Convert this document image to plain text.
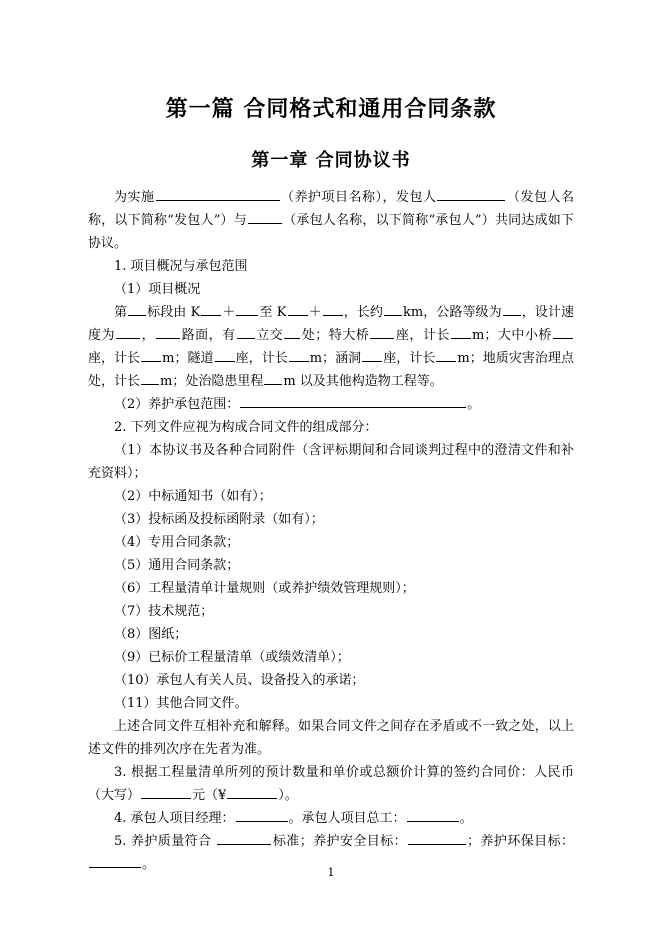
第一篇 合同格式和通用合同条款
第一章 合同协议书

为实施	（养护项目名称），发包人	（发包人名称，以下简称“发包人”）与	（承包人名称，以下简称“承包人”）共同达成如下协议。

1. 项目概况与承包范围

（1）项目概况

第 标段由 K ＋ 至 K ＋ ，长约 km，公路等级为 ，设计速度为 ， 路面，有 立交 处；特大桥 座，计长 m；大中小桥座，计长 m；隧道 座，计长 m；涵洞 座，计长 m；地质灾害治理点处，计长 m；处治隐患里程 m 以及其他构造物工程等。

（2）养护承包范围：	。

2. 下列文件应视为构成合同文件的组成部分：

（1）本协议书及各种合同附件（含评标期间和合同谈判过程中的澄清文件和补充资料）；

（2）中标通知书（如有）；

（3）投标函及投标函附录（如有）；

（4）专用合同条款；

（5）通用合同条款；

（6）工程量清单计量规则（或养护绩效管理规则）；

（7）技术规范；

（8）图纸；

（9）已标价工程量清单（或绩效清单）；

（10）承包人有关人员、设备投入的承诺；

（11）其他合同文件。

上述合同文件互相补充和解释。如果合同文件之间存在矛盾或不一致之处，以上述文件的排列次序在先者为准。

3. 根据工程量清单所列的预计数量和单价或总额价计算的签约合同价：人民币（大写）	元（¥	）。

4. 承包人项目经理：	。承包人项目总工：	。

5. 养护质量符合	标准；养护安全目标：	；养护环保目标：。

1
